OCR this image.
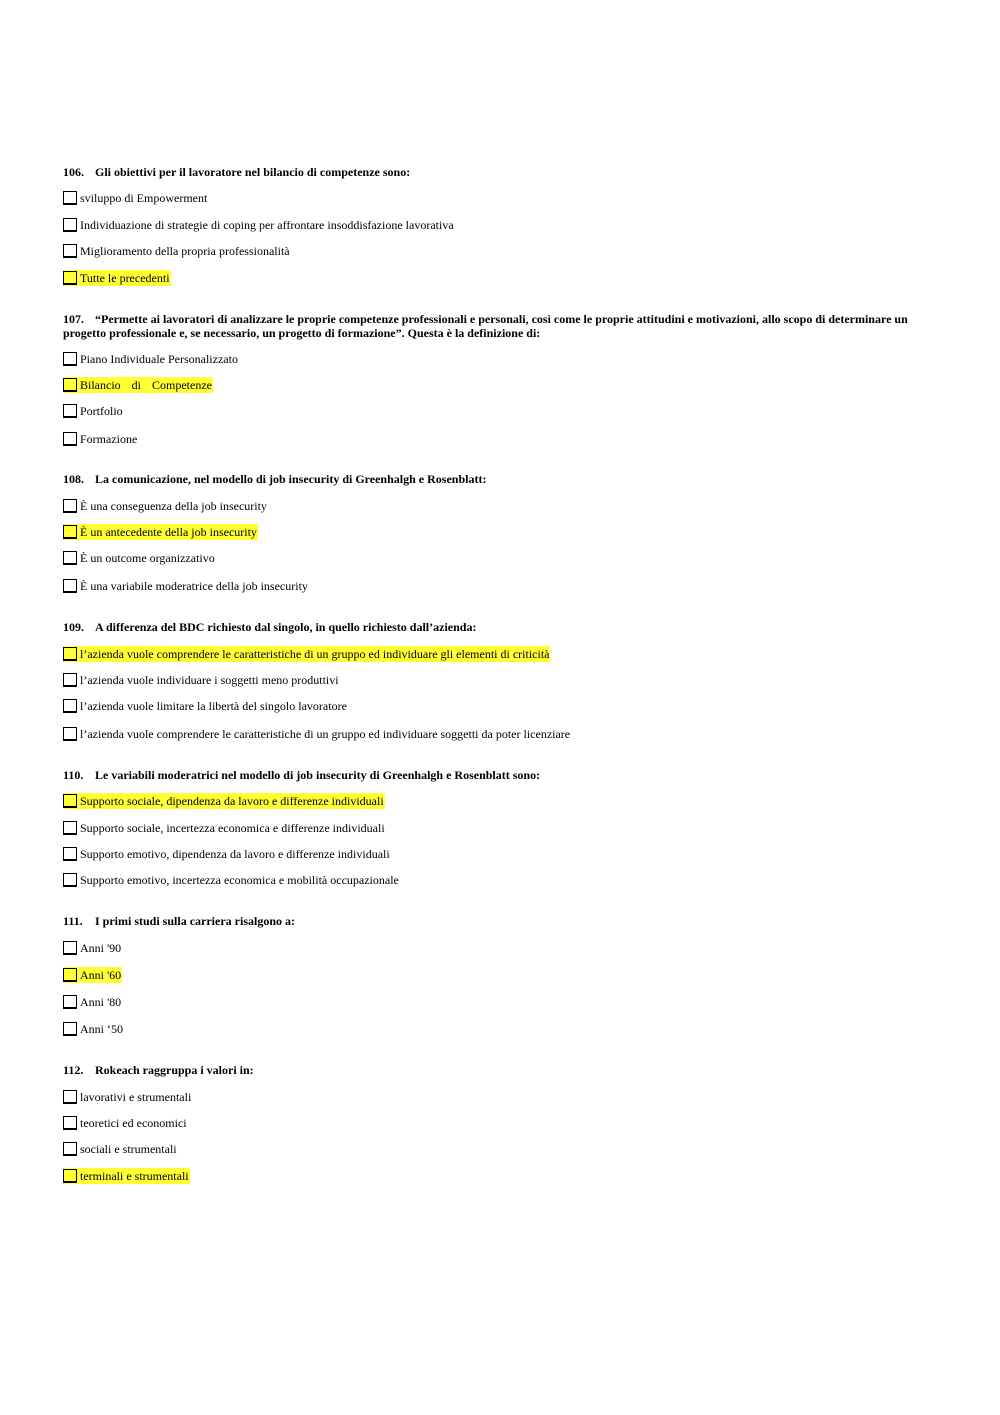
106. Gli obiettivi per il lavoratore nel bilancio di competenze sono:
sviluppo di Empowerment
Individuazione di strategie di coping per affrontare insoddisfazione lavorativa
Miglioramento della propria professionalità
Tutte le precedenti
107. “Permette ai lavoratori di analizzare le proprie competenze professionali e personali, così come le proprie attitudini e motivazioni, allo scopo di determinare un progetto professionale e, se necessario, un progetto di formazione”. Questa è la definizione di:
Piano Individuale Personalizzato
Bilancio di Competenze
Portfolio
Formazione
108. La comunicazione, nel modello di job insecurity di Greenhalgh e Rosenblatt:
È una conseguenza della job insecurity
È un antecedente della job insecurity
È un outcome organizzativo
È una variabile moderatrice della job insecurity
109. A differenza del BDC richiesto dal singolo, in quello richiesto dall’azienda:
l’azienda vuole comprendere le caratteristiche di un gruppo ed individuare gli elementi di criticità
l’azienda vuole individuare i soggetti meno produttivi
l’azienda vuole limitare la libertà del singolo lavoratore
l’azienda vuole comprendere le caratteristiche di un gruppo ed individuare soggetti da poter licenziare
110. Le variabili moderatrici nel modello di job insecurity di Greenhalgh e Rosenblatt sono:
Supporto sociale, dipendenza da lavoro e differenze individuali
Supporto sociale, incertezza economica e differenze individuali
Supporto emotivo, dipendenza da lavoro e differenze individuali
Supporto emotivo, incertezza economica e mobilità occupazionale
111. I primi studi sulla carriera risalgono a:
Anni '90
Anni '60
Anni '80
Anni ‘50
112. Rokeach raggruppa i valori in:
lavorativi e strumentali
teoretici ed economici
sociali e strumentali
terminali e strumentali
